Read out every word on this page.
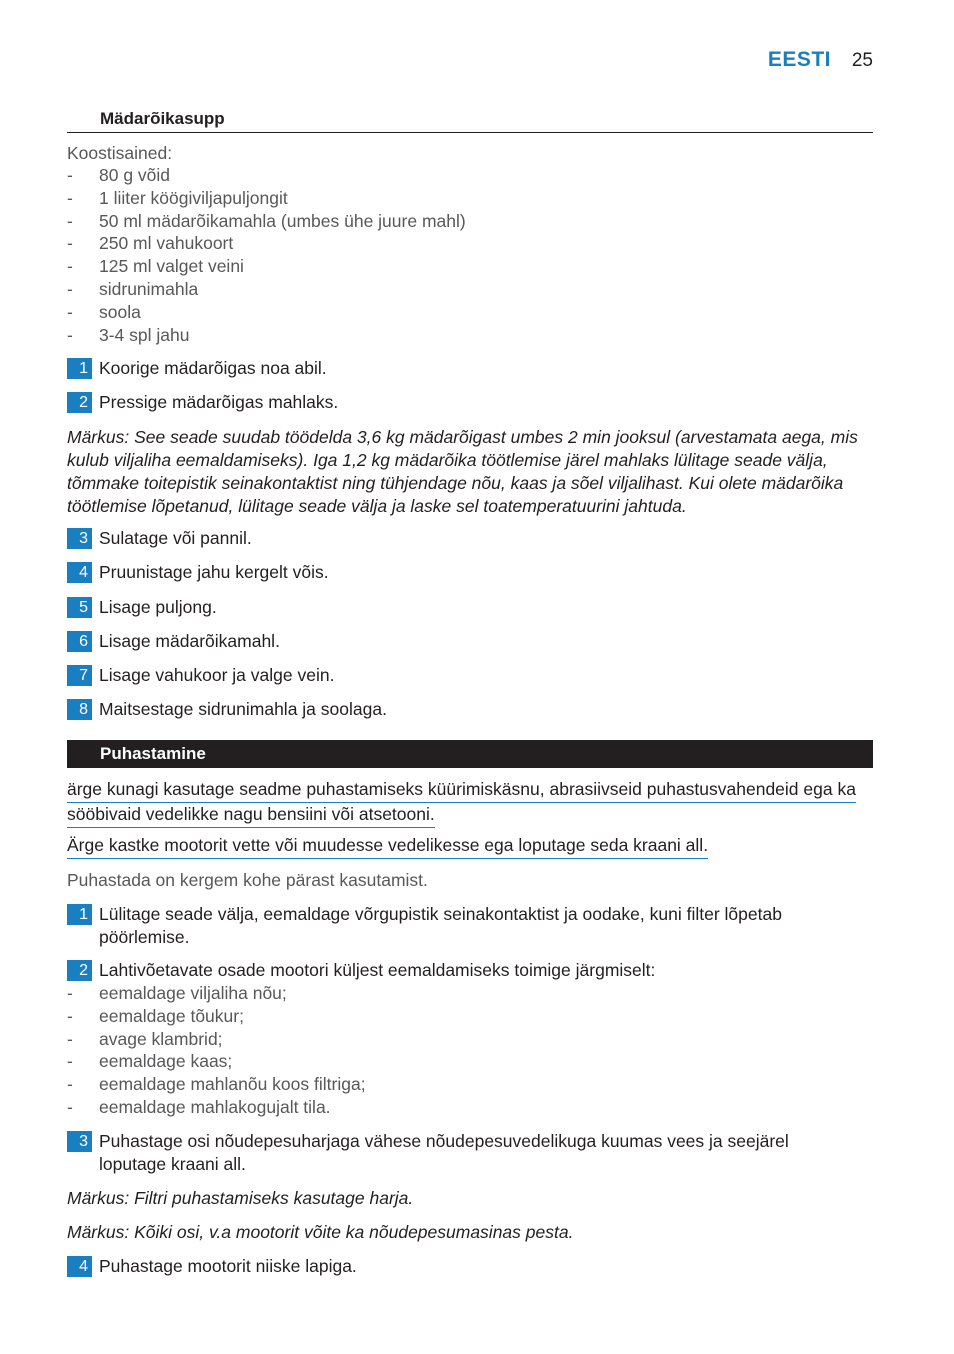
EESTI 25
Mädarõikasupp
Koostisained:
- 80 g võid
- 1 liiter köögiviljapuljongit
- 50 ml mädarõikamahla (umbes ühe juure mahl)
- 250 ml vahukoort
- 125 ml valget veini
- sidrunimahla
- soola
- 3-4 spl jahu
1 Koorige mädarõigas noa abil.
2 Pressige mädarõigas mahlaks.
Märkus: See seade suudab töödelda 3,6 kg mädarõigast umbes 2 min jooksul (arvestamata aega, mis
kulub viljaliha eemaldamiseks). Iga 1,2 kg mädarõika töötlemise järel mahlaks lülitage seade välja,
tõmmake toitepistik seinakontaktist ning tühjendage nõu, kaas ja sõel viljalihast. Kui olete mädarõika
töötlemise lõpetanud, lülitage seade välja ja laske sel toatemperatuurini jahtuda.
3 Sulatage või pannil.
4 Pruunistage jahu kergelt võis.
5 Lisage puljong.
6 Lisage mädarõikamahl.
7 Lisage vahukoor ja valge vein.
8 Maitsestage sidrunimahla ja soolaga.
Puhastamine
ärge kunagi kasutage seadme puhastamiseks küürimiskäsnu, abrasiivseid puhastusvahendeid ega ka
sööbivaid vedelikke nagu bensiini või atsetooni.
Ärge kastke mootorit vette või muudesse vedelikesse ega loputage seda kraani all.
Puhastada on kergem kohe pärast kasutamist.
1 Lülitage seade välja, eemaldage võrgupistik seinakontaktist ja oodake, kuni filter lõpetab
pöörlemise.
2 Lahtivõetavate osade mootori küljest eemaldamiseks toimige järgmiselt:
- eemaldage viljaliha nõu;
- eemaldage tõukur;
- avage klambrid;
- eemaldage kaas;
- eemaldage mahlanõu koos filtriga;
- eemaldage mahlakogujalt tila.
3 Puhastage osi nõudepesuharjaga vähese nõudepesuvedelikuga kuumas vees ja seejärel
loputage kraani all.
Märkus: Filtri puhastamiseks kasutage harja.
Märkus: Kõiki osi, v.a mootorit võite ka nõudepesumasinas pesta.
4 Puhastage mootorit niiske lapiga.
